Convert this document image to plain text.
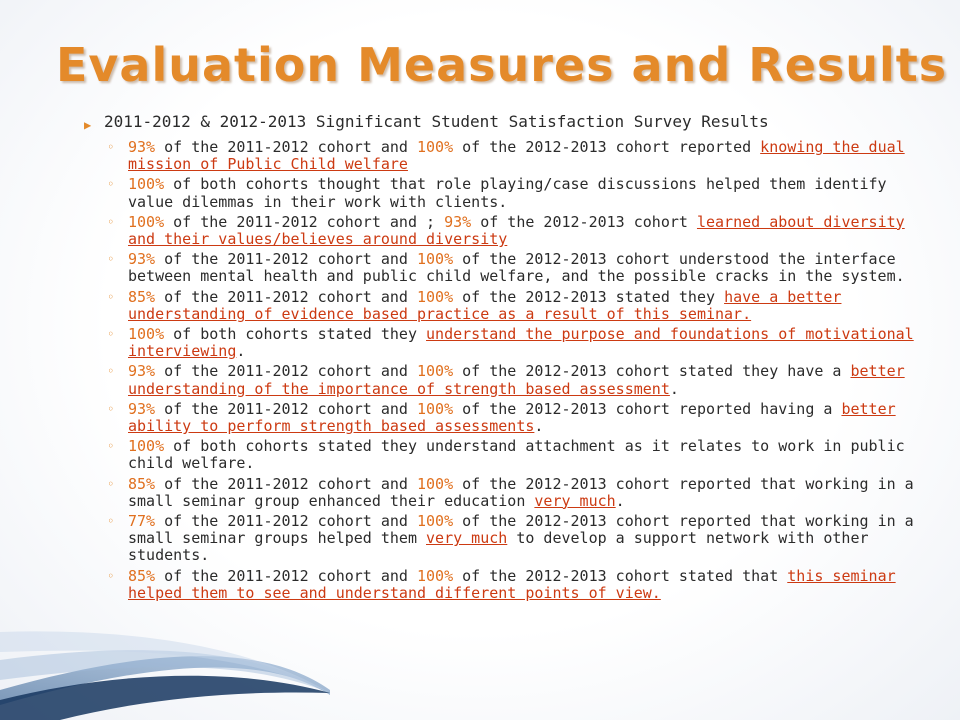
Evaluation Measures and Results
▶ 2011-2012 & 2012-2013 Significant Student Satisfaction Survey Results
◦ 93% of the 2011-2012 cohort and 100% of the 2012-2013 cohort reported knowing the dual mission of Public Child welfare
◦ 100% of both cohorts thought that role playing/case discussions helped them identify value dilemmas in their work with clients.
◦ 100% of the 2011-2012 cohort and ; 93% of the 2012-2013 cohort learned about diversity and their values/believes around diversity
◦ 93% of the 2011-2012 cohort and 100% of the 2012-2013 cohort understood the interface between mental health and public child welfare, and the possible cracks in the system.
◦ 85% of the 2011-2012 cohort and 100% of the 2012-2013 stated they have a better understanding of evidence based practice as a result of this seminar.
◦ 100% of both cohorts stated they understand the purpose and foundations of motivational interviewing.
◦ 93% of the 2011-2012 cohort and 100% of the 2012-2013 cohort stated they have a better understanding of the importance of strength based assessment.
◦ 93% of the 2011-2012 cohort and 100% of the 2012-2013 cohort reported having a better ability to perform strength based assessments.
◦ 100% of both cohorts stated they understand attachment as it relates to work in public child welfare.
◦ 85% of the 2011-2012 cohort and 100% of the 2012-2013 cohort reported that working in a small seminar group enhanced their education very much.
◦ 77% of the 2011-2012 cohort and 100% of the 2012-2013 cohort reported that working in a small seminar groups helped them very much to develop a support network with other students.
◦ 85% of the 2011-2012 cohort and 100% of the 2012-2013 cohort stated that this seminar helped them to see and understand different points of view.
